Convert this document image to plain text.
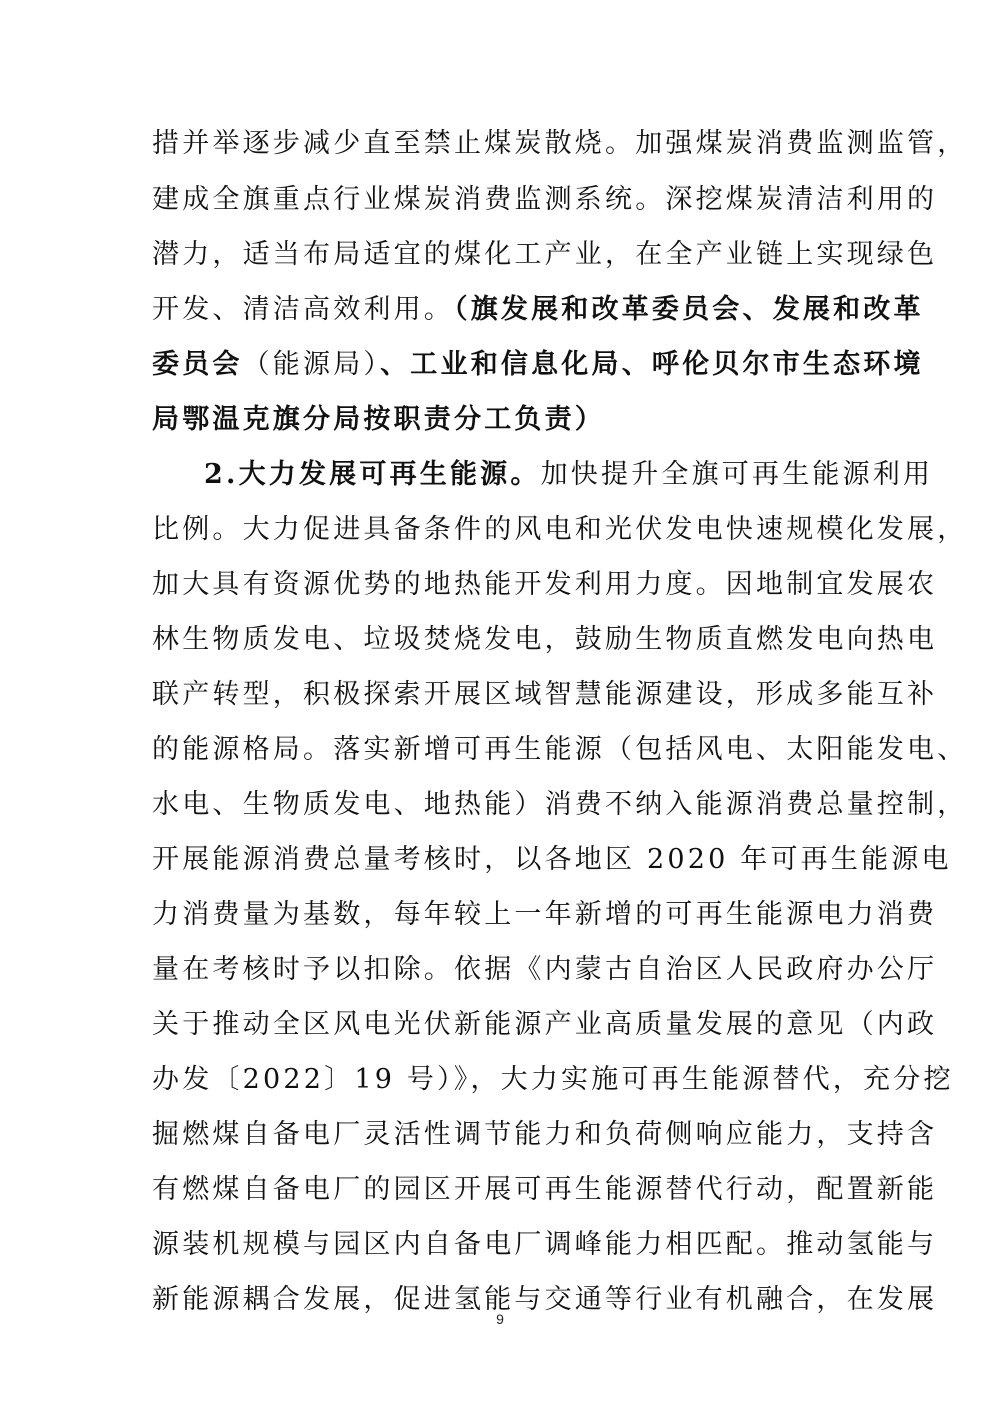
措并举逐步减少直至禁止煤炭散烧。加强煤炭消费监测监管，
建成全旗重点行业煤炭消费监测系统。深挖煤炭清洁利用的
潜力，适当布局适宜的煤化工产业，在全产业链上实现绿色
开发、清洁高效利用。（旗发展和改革委员会、发展和改革
委员会（能源局）、工业和信息化局、呼伦贝尔市生态环境
局鄂温克旗分局按职责分工负责）
2.大力发展可再生能源。加快提升全旗可再生能源利用
比例。大力促进具备条件的风电和光伏发电快速规模化发展，
加大具有资源优势的地热能开发利用力度。因地制宜发展农
林生物质发电、垃圾焚烧发电，鼓励生物质直燃发电向热电
联产转型，积极探索开展区域智慧能源建设，形成多能互补
的能源格局。落实新增可再生能源（包括风电、太阳能发电、
水电、生物质发电、地热能）消费不纳入能源消费总量控制，
开展能源消费总量考核时，以各地区 2020 年可再生能源电
力消费量为基数，每年较上一年新增的可再生能源电力消费
量在考核时予以扣除。依据《内蒙古自治区人民政府办公厅
关于推动全区风电光伏新能源产业高质量发展的意见（内政
办发〔2022〕19 号）》，大力实施可再生能源替代，充分挖
掘燃煤自备电厂灵活性调节能力和负荷侧响应能力，支持含
有燃煤自备电厂的园区开展可再生能源替代行动，配置新能
源装机规模与园区内自备电厂调峰能力相匹配。推动氢能与
新能源耦合发展，促进氢能与交通等行业有机融合，在发展
9
